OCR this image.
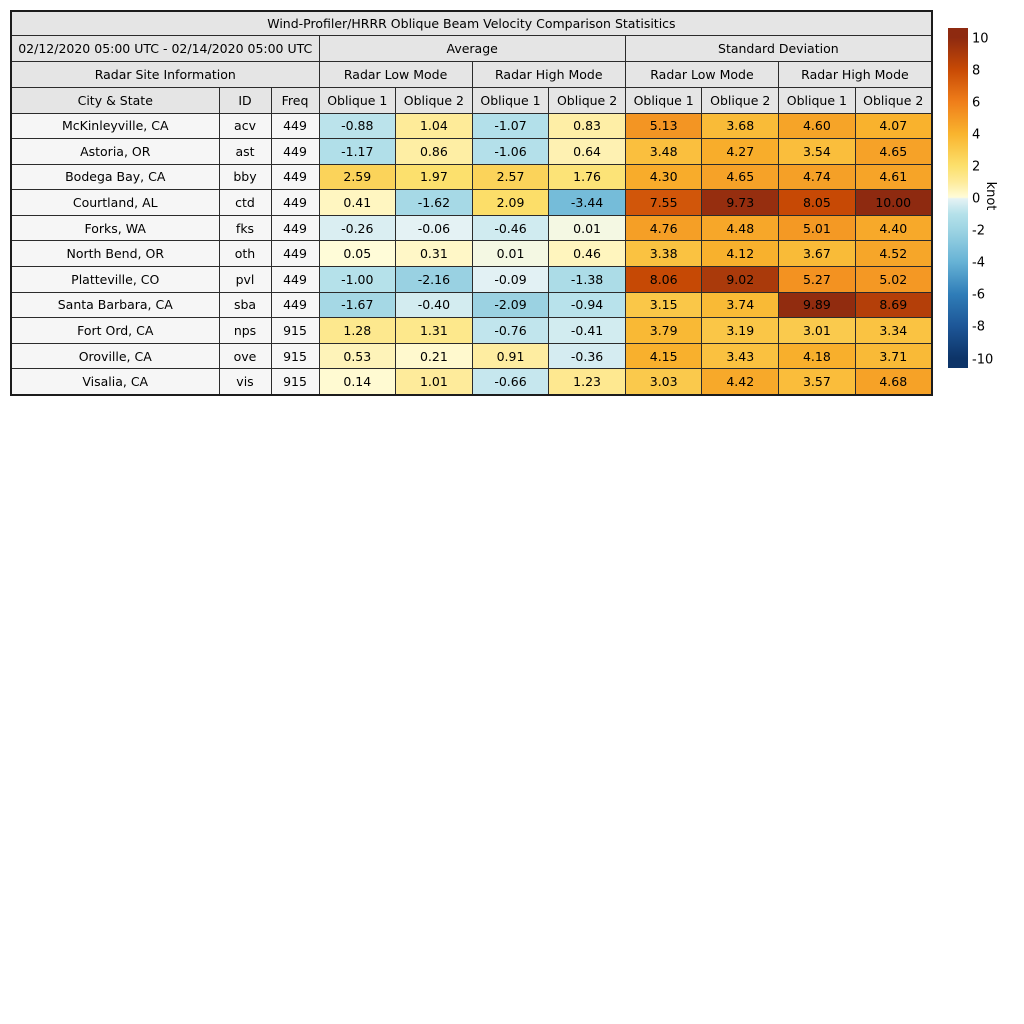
Wind-Profiler/HRRR Oblique Beam Velocity Comparison Statisitics										
02/12/2020 05:00 UTC - 02/14/2020 05:00 UTC			Average				Standard Deviation			
Radar Site Information			Radar Low Mode		Radar High Mode		Radar Low Mode		Radar High Mode	
City & State	ID	Freq	Oblique 1	Oblique 2	Oblique 1	Oblique 2	Oblique 1	Oblique 2	Oblique 1	Oblique 2
McKinleyville, CA	acv	449	-0.88	1.04	-1.07	0.83	5.13	3.68	4.60	4.07
Astoria, OR	ast	449	-1.17	0.86	-1.06	0.64	3.48	4.27	3.54	4.65
Bodega Bay, CA	bby	449	2.59	1.97	2.57	1.76	4.30	4.65	4.74	4.61
Courtland, AL	ctd	449	0.41	-1.62	2.09	-3.44	7.55	9.73	8.05	10.00
Forks, WA	fks	449	-0.26	-0.06	-0.46	0.01	4.76	4.48	5.01	4.40
North Bend, OR	oth	449	0.05	0.31	0.01	0.46	3.38	4.12	3.67	4.52
Platteville, CO	pvl	449	-1.00	-2.16	-0.09	-1.38	8.06	9.02	5.27	5.02
Santa Barbara, CA	sba	449	-1.67	-0.40	-2.09	-0.94	3.15	3.74	9.89	8.69
Fort Ord, CA	nps	915	1.28	1.31	-0.76	-0.41	3.79	3.19	3.01	3.34
Oroville, CA	ove	915	0.53	0.21	0.91	-0.36	4.15	3.43	4.18	3.71
Visalia, CA	vis	915	0.14	1.01	-0.66	1.23	3.03	4.42	3.57	4.68
knot
10
8
6
4
2
0
-2
-4
-6
-8
-10
